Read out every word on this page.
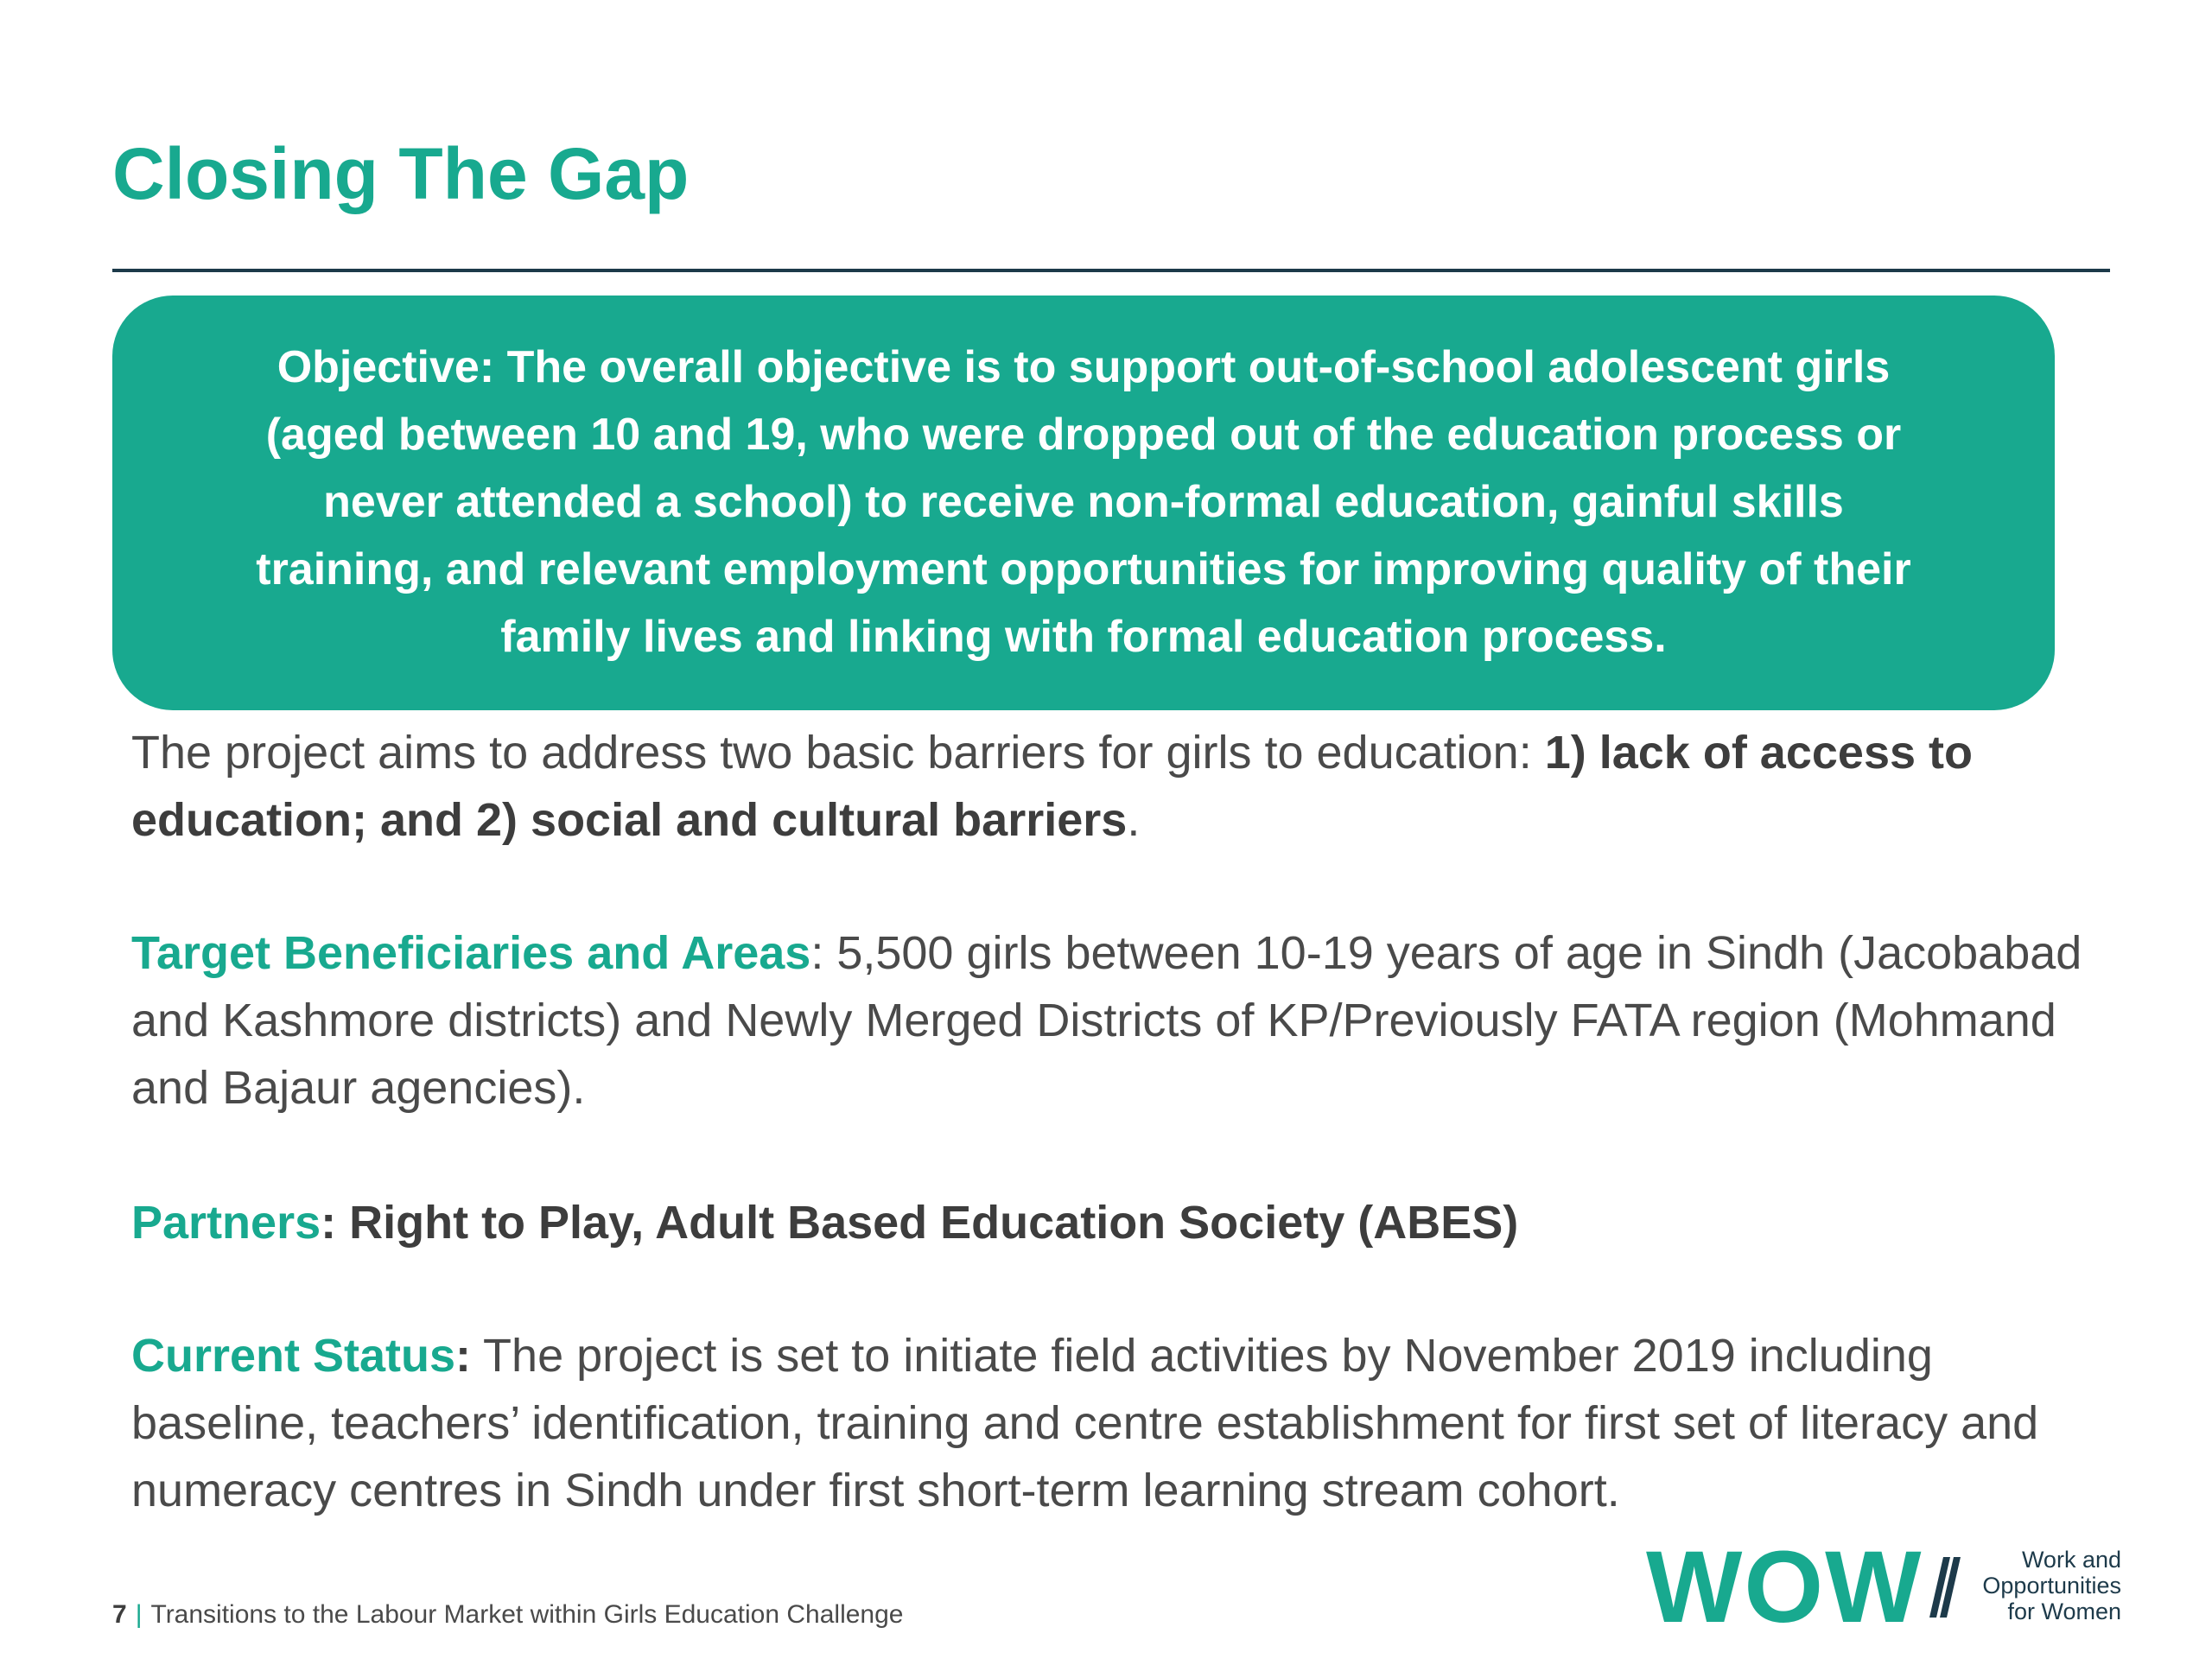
Closing The Gap

Objective: The overall objective is to support out-of-school adolescent girls (aged between 10 and 19, who were dropped out of the education process or never attended a school) to receive non-formal education, gainful skills training, and relevant employment opportunities for improving quality of their family lives and linking with formal education process.

The project aims to address two basic barriers for girls to education: 1) lack of access to education; and 2) social and cultural barriers.

Target Beneficiaries and Areas: 5,500 girls between 10-19 years of age in Sindh (Jacobabad and Kashmore districts) and Newly Merged Districts of KP/Previously FATA region (Mohmand and Bajaur agencies).

Partners: Right to Play, Adult Based Education Society (ABES)

Current Status: The project is set to initiate field activities by November 2019 including baseline, teachers’ identification, training and centre establishment for first set of literacy and numeracy centres in Sindh under first short-term learning stream cohort.

7 | Transitions to the Labour Market within Girls Education Challenge	WOW	Work and
Opportunities
for Women
